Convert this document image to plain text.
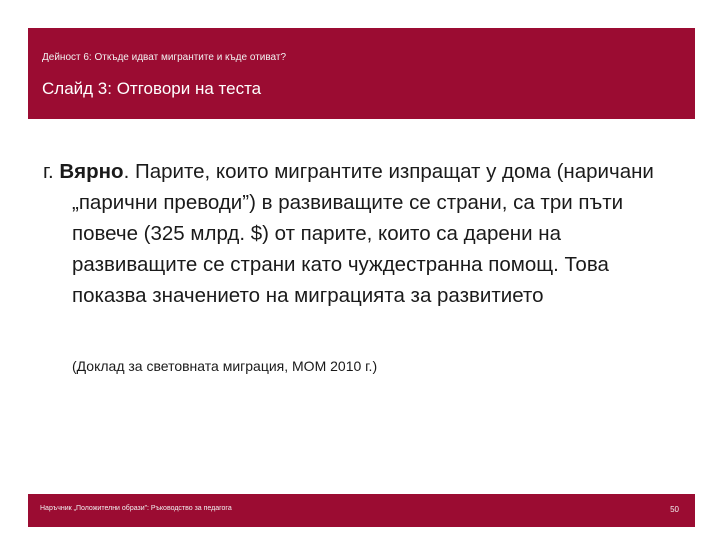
Дейност 6: Откъде идват мигрантите и къде отиват?
Слайд 3: Отговори на теста

г. Вярно. Парите, които мигрантите изпращат у дома (наричани „парични преводи”) в развиващите се страни, са три пъти повече (325 млрд. $) от парите, които са дарени на развиващите се страни като чуждестранна помощ. Това показва значението на миграцията за развитието

(Доклад за световната миграция, МОМ 2010 г.)
Наръчник „Положителни образи”: Ръководство за педагога	50
